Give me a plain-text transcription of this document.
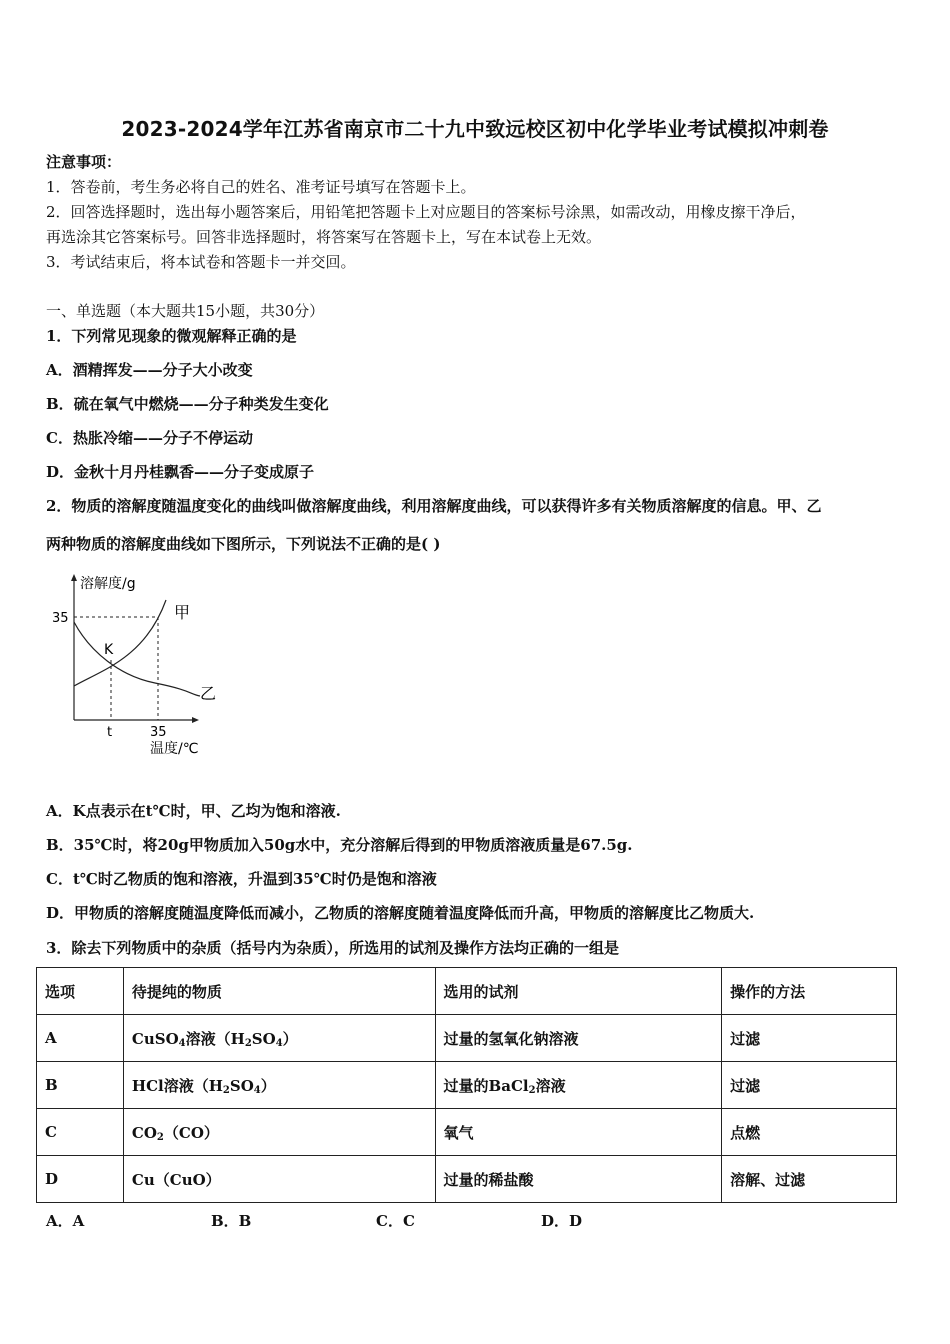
2023-2024学年江苏省南京市二十九中致远校区初中化学毕业考试模拟冲刺卷
注意事项：
1．答卷前，考生务必将自己的姓名、准考证号填写在答题卡上。
2．回答选择题时，选出每小题答案后，用铅笔把答题卡上对应题目的答案标号涂黑，如需改动，用橡皮擦干净后，
再选涂其它答案标号。回答非选择题时，将答案写在答题卡上，写在本试卷上无效。
3．考试结束后，将本试卷和答题卡一并交回。
一、单选题（本大题共15小题，共30分）
1．下列常见现象的微观解释正确的是
A．酒精挥发——分子大小改变
B．硫在氧气中燃烧——分子种类发生变化
C．热胀冷缩——分子不停运动
D．金秋十月丹桂飘香——分子变成原子
2．物质的溶解度随温度变化的曲线叫做溶解度曲线，利用溶解度曲线，可以获得许多有关物质溶解度的信息。甲、乙
两种物质的溶解度曲线如下图所示，下列说法不正确的是( )
溶解度/g
温度/℃
35
t	35
K
甲
乙
A．K点表示在t℃时，甲、乙均为饱和溶液.
B．35℃时，将20g甲物质加入50g水中，充分溶解后得到的甲物质溶液质量是67.5g.
C．t℃时乙物质的饱和溶液，升温到35℃时仍是饱和溶液
D．甲物质的溶解度随温度降低而减小，乙物质的溶解度随着温度降低而升高，甲物质的溶解度比乙物质大.
3．除去下列物质中的杂质（括号内为杂质），所选用的试剂及操作方法均正确的一组是
选项	待提纯的物质	选用的试剂	操作的方法
A	CuSO$_4$溶液$(H_2SO_4)$	过量的氢氧化钠溶液	过滤
B	HCl溶液$(H_2SO_4)$	过量的BaCl$_2$溶液	过滤
C	$CO_2(CO)$	氧气	点燃
D	Cu（CuO）	过量的稀盐酸	溶解、过滤
A．A	B．B	C．C	D．D
